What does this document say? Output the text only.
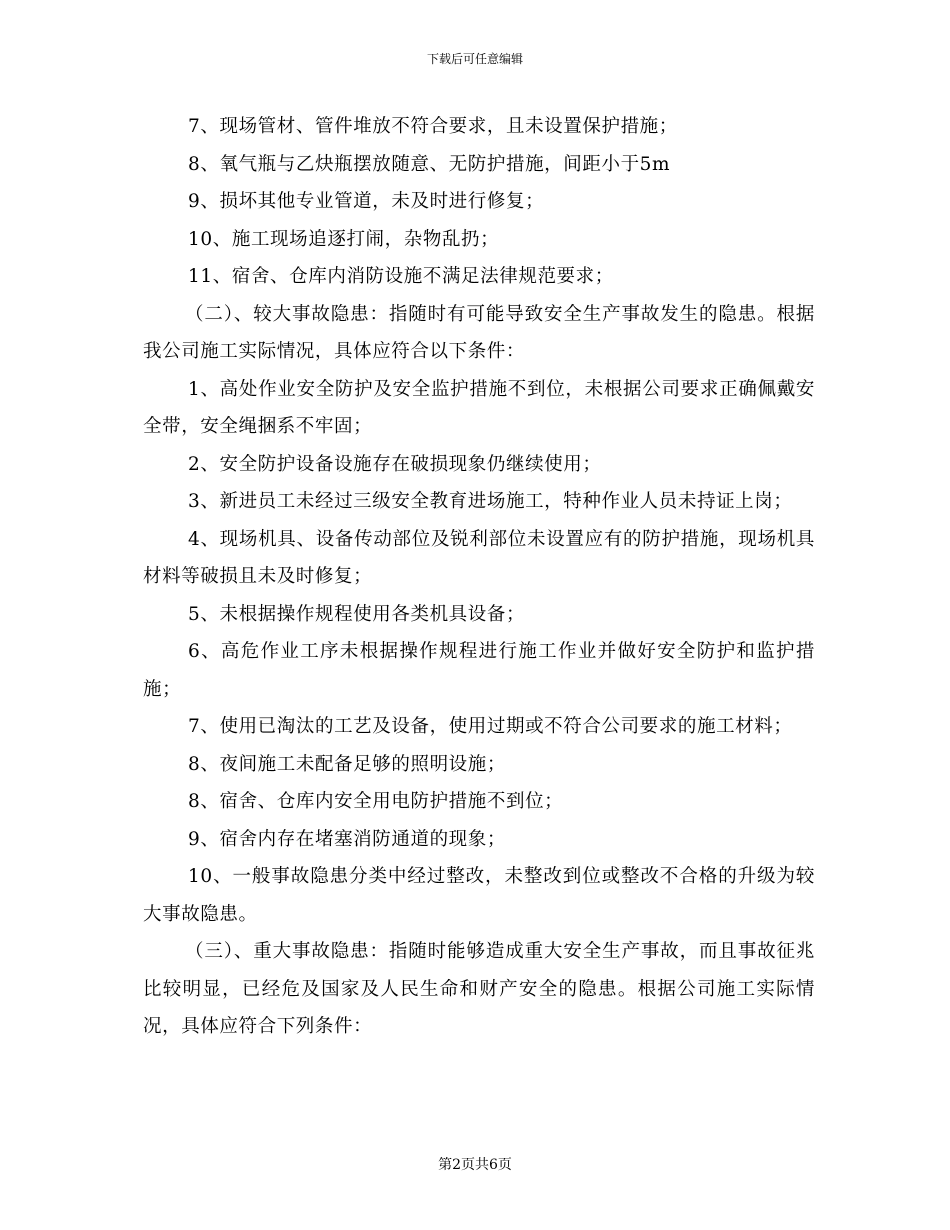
下载后可任意编辑

7、现场管材、管件堆放不符合要求，且未设置保护措施；

8、氧气瓶与乙炔瓶摆放随意、无防护措施，间距小于5m

9、损坏其他专业管道，未及时进行修复；

10、施工现场追逐打闹，杂物乱扔；

11、宿舍、仓库内消防设施不满足法律规范要求；

（二）、较大事故隐患：指随时有可能导致安全生产事故发生的隐患。根据我公司施工实际情况，具体应符合以下条件：

1、高处作业安全防护及安全监护措施不到位，未根据公司要求正确佩戴安全带，安全绳捆系不牢固；

2、安全防护设备设施存在破损现象仍继续使用；

3、新进员工未经过三级安全教育进场施工，特种作业人员未持证上岗；

4、现场机具、设备传动部位及锐利部位未设置应有的防护措施，现场机具材料等破损且未及时修复；

5、未根据操作规程使用各类机具设备；

6、高危作业工序未根据操作规程进行施工作业并做好安全防护和监护措施；

7、使用已淘汰的工艺及设备，使用过期或不符合公司要求的施工材料；

8、夜间施工未配备足够的照明设施；

8、宿舍、仓库内安全用电防护措施不到位；

9、宿舍内存在堵塞消防通道的现象；

10、一般事故隐患分类中经过整改，未整改到位或整改不合格的升级为较大事故隐患。

（三）、重大事故隐患：指随时能够造成重大安全生产事故，而且事故征兆比较明显，已经危及国家及人民生命和财产安全的隐患。根据公司施工实际情况，具体应符合下列条件：

第2页共6页
